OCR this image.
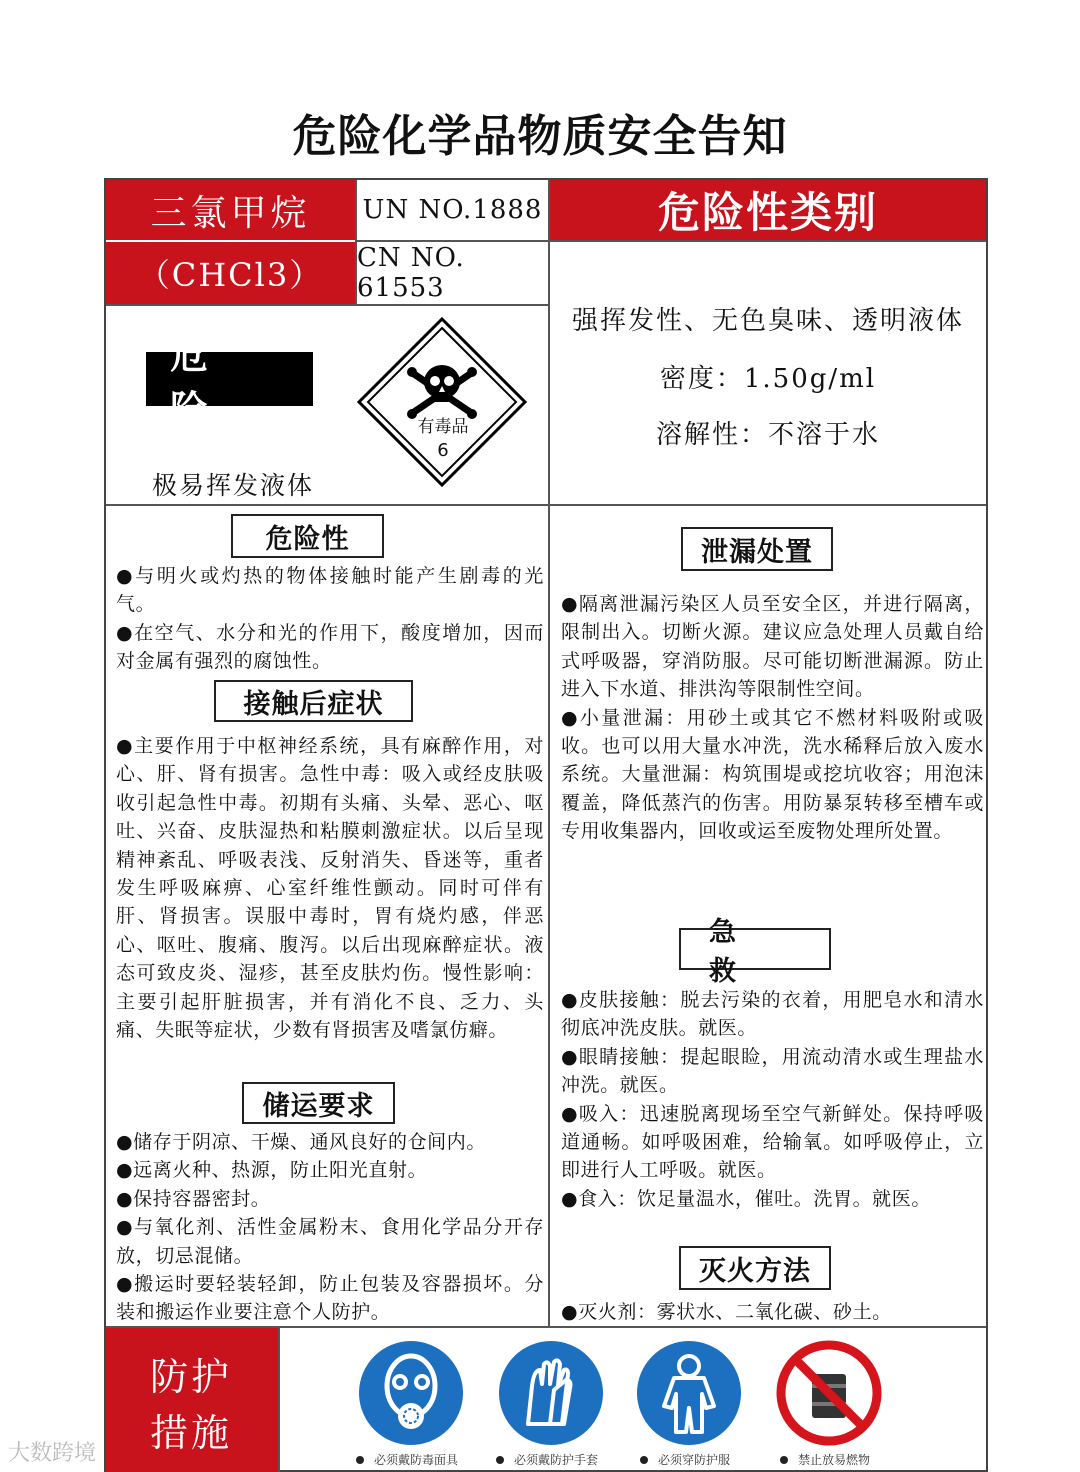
危险化学品物质安全告知
三氯甲烷
（CHCl3）
UN NO.1888
CN NO. 61553
危险性类别
危 险
极易挥发液体
有毒品
6
强挥发性、无色臭味、透明液体
密度：1.50g/ml
溶解性：不溶于水
危险性

●与明火或灼热的物体接触时能产生剧毒的光气。

●在空气、水分和光的作用下，酸度增加，因而对金属有强烈的腐蚀性。

接触后症状

●主要作用于中枢神经系统，具有麻醉作用，对心、肝、肾有损害。急性中毒：吸入或经皮肤吸收引起急性中毒。初期有头痛、头晕、恶心、呕吐、兴奋、皮肤湿热和粘膜刺激症状。以后呈现精神紊乱、呼吸表浅、反射消失、昏迷等，重者发生呼吸麻痹、心室纤维性颤动。同时可伴有肝、肾损害。误服中毒时，胃有烧灼感，伴恶心、呕吐、腹痛、腹泻。以后出现麻醉症状。液态可致皮炎、湿疹，甚至皮肤灼伤。慢性影响：主要引起肝脏损害，并有消化不良、乏力、头痛、失眠等症状，少数有肾损害及嗜氯仿癖。

储运要求

●储存于阴凉、干燥、通风良好的仓间内。

●远离火种、热源，防止阳光直射。

●保持容器密封。

●与氧化剂、活性金属粉末、食用化学品分开存放，切忌混储。

●搬运时要轻装轻卸，防止包装及容器损坏。分装和搬运作业要注意个人防护。

泄漏处置

●隔离泄漏污染区人员至安全区，并进行隔离，限制出入。切断火源。建议应急处理人员戴自给式呼吸器，穿消防服。尽可能切断泄漏源。防止进入下水道、排洪沟等限制性空间。

●小量泄漏：用砂土或其它不燃材料吸附或吸收。也可以用大量水冲洗，洗水稀释后放入废水系统。大量泄漏：构筑围堤或挖坑收容；用泡沫覆盖，降低蒸汽的伤害。用防暴泵转移至槽车或专用收集器内，回收或运至废物处理所处置。

急 救

●皮肤接触：脱去污染的衣着，用肥皂水和清水彻底冲洗皮肤。就医。

●眼睛接触：提起眼睑，用流动清水或生理盐水冲洗。就医。

●吸入：迅速脱离现场至空气新鲜处。保持呼吸道通畅。如呼吸困难，给输氧。如呼吸停止，立即进行人工呼吸。就医。

●食入：饮足量温水，催吐。洗胃。就医。

灭火方法

●灭火剂：雾状水、二氧化碳、砂土。

防护
措施
必须戴防毒面具	必须戴防护手套	必须穿防护服	禁止放易燃物
大数跨境
